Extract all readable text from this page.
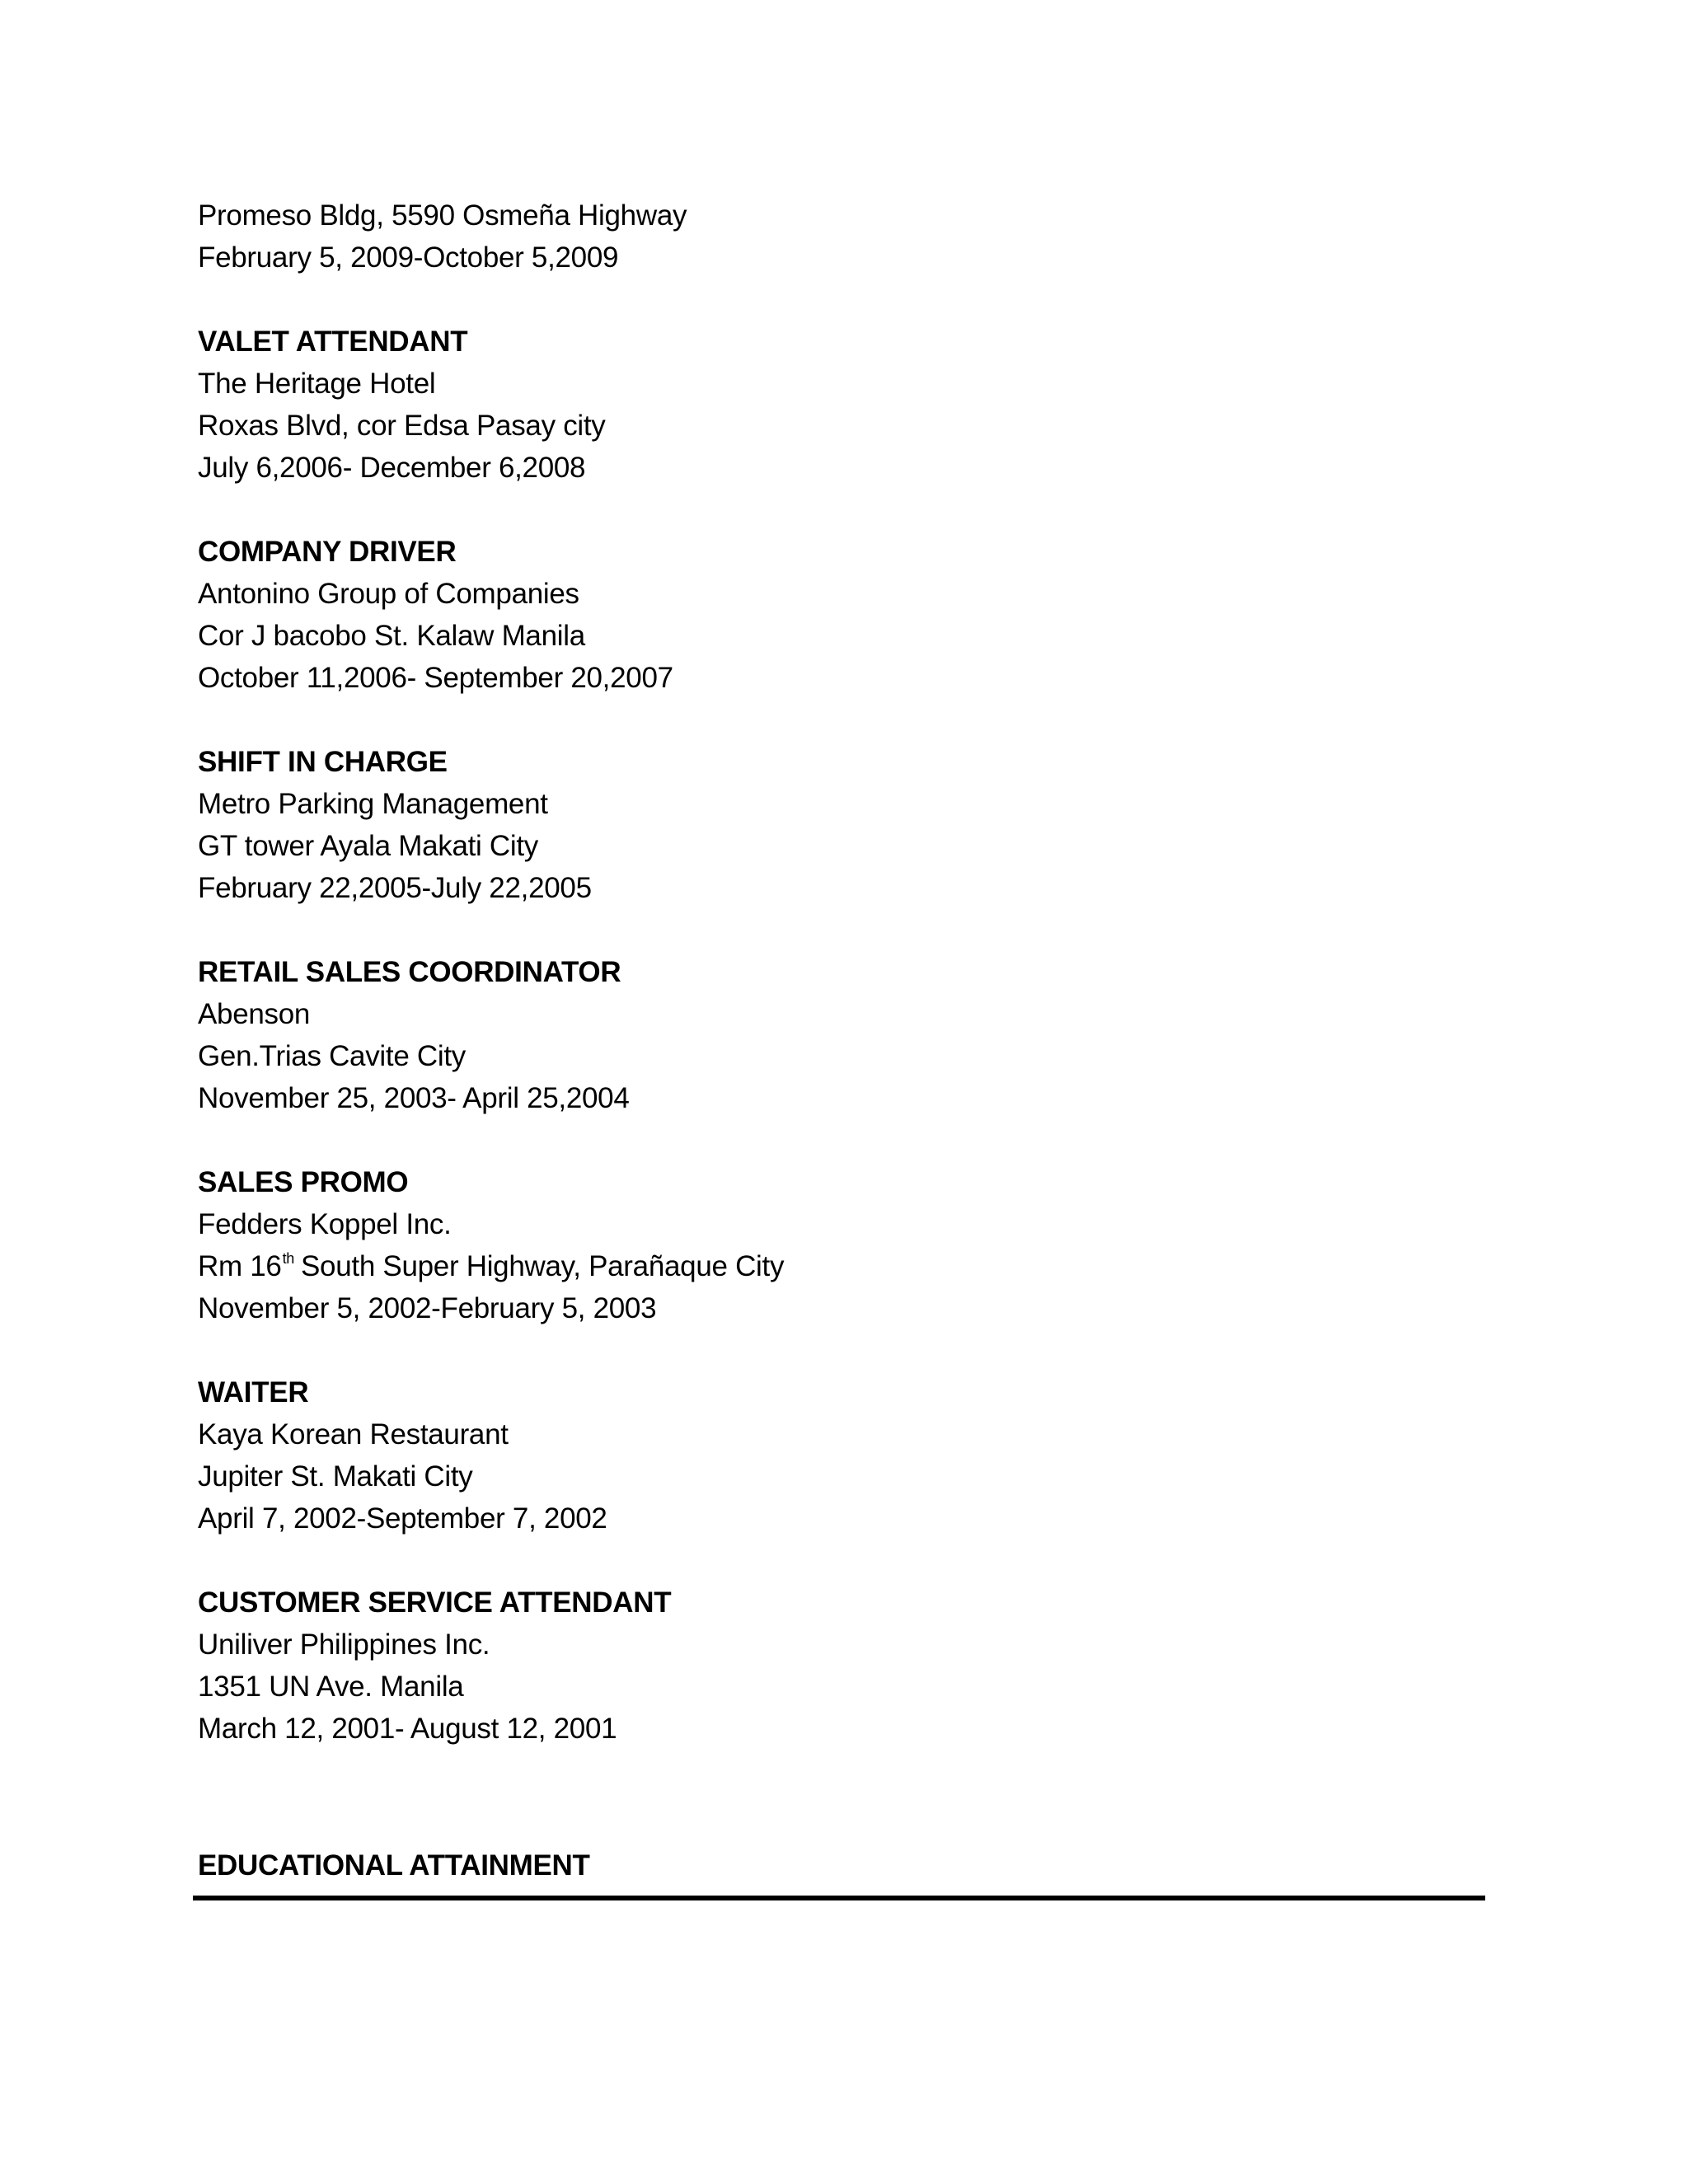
Promeso Bldg, 5590 Osmeña Highway
February 5, 2009-October 5,2009
VALET ATTENDANT
The Heritage Hotel
Roxas Blvd, cor Edsa Pasay city
July 6,2006- December 6,2008
COMPANY DRIVER
Antonino Group of Companies
Cor J bacobo St. Kalaw Manila
October 11,2006- September 20,2007
SHIFT IN CHARGE
Metro Parking Management
GT tower Ayala Makati City
February 22,2005-July 22,2005
RETAIL SALES COORDINATOR
Abenson
Gen.Trias Cavite City
November 25, 2003- April 25,2004
SALES PROMO
Fedders Koppel Inc.
Rm 16th South Super Highway, Parañaque City
November 5, 2002-February 5, 2003
WAITER
Kaya Korean Restaurant
Jupiter St. Makati City
April 7, 2002-September 7, 2002
CUSTOMER SERVICE ATTENDANT
Uniliver Philippines Inc.
1351 UN Ave. Manila
March 12, 2001- August 12, 2001
EDUCATIONAL ATTAINMENT
